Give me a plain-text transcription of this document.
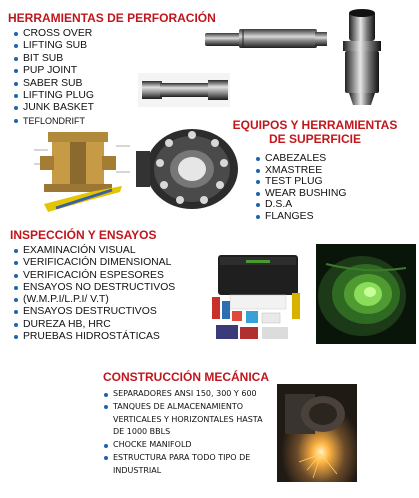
HERRAMIENTAS DE PERFORACIÓN
CROSS OVER
LIFTING SUB
BIT SUB
PUP JOINT
SABER SUB
LIFTING PLUG
JUNK BASKET
TEFLONDRIFT	EQUIPOS Y HERRAMIENTAS
DE SUPERFICIE
CABEZALES
XMASTREE
TEST PLUG
WEAR BUSHING
D.S.A
FLANGES
INSPECCIÓN Y ENSAYOS
EXAMINACIÓN VISUAL
VERIFICACIÓN DIMENSIONAL
VERIFICACIÓN ESPESORES
ENSAYOS NO DESTRUCTIVOS
(W.M.P.I/L.P.I/ V.T)
ENSAYOS DESTRUCTIVOS
DUREZA HB, HRC
PRUEBAS HIDROSTÁTICAS
CONSTRUCCIÓN MECÁNICA
SEPARADORES ANSI 150, 300 Y 600
TANQUES DE ALMACENAMIENTO
VERTICALES Y HORIZONTALES HASTA
DE 1000 BBLS
CHOCKE MANIFOLD
ESTRUCTURA PARA TODO TIPO DE
INDUSTRIAL
